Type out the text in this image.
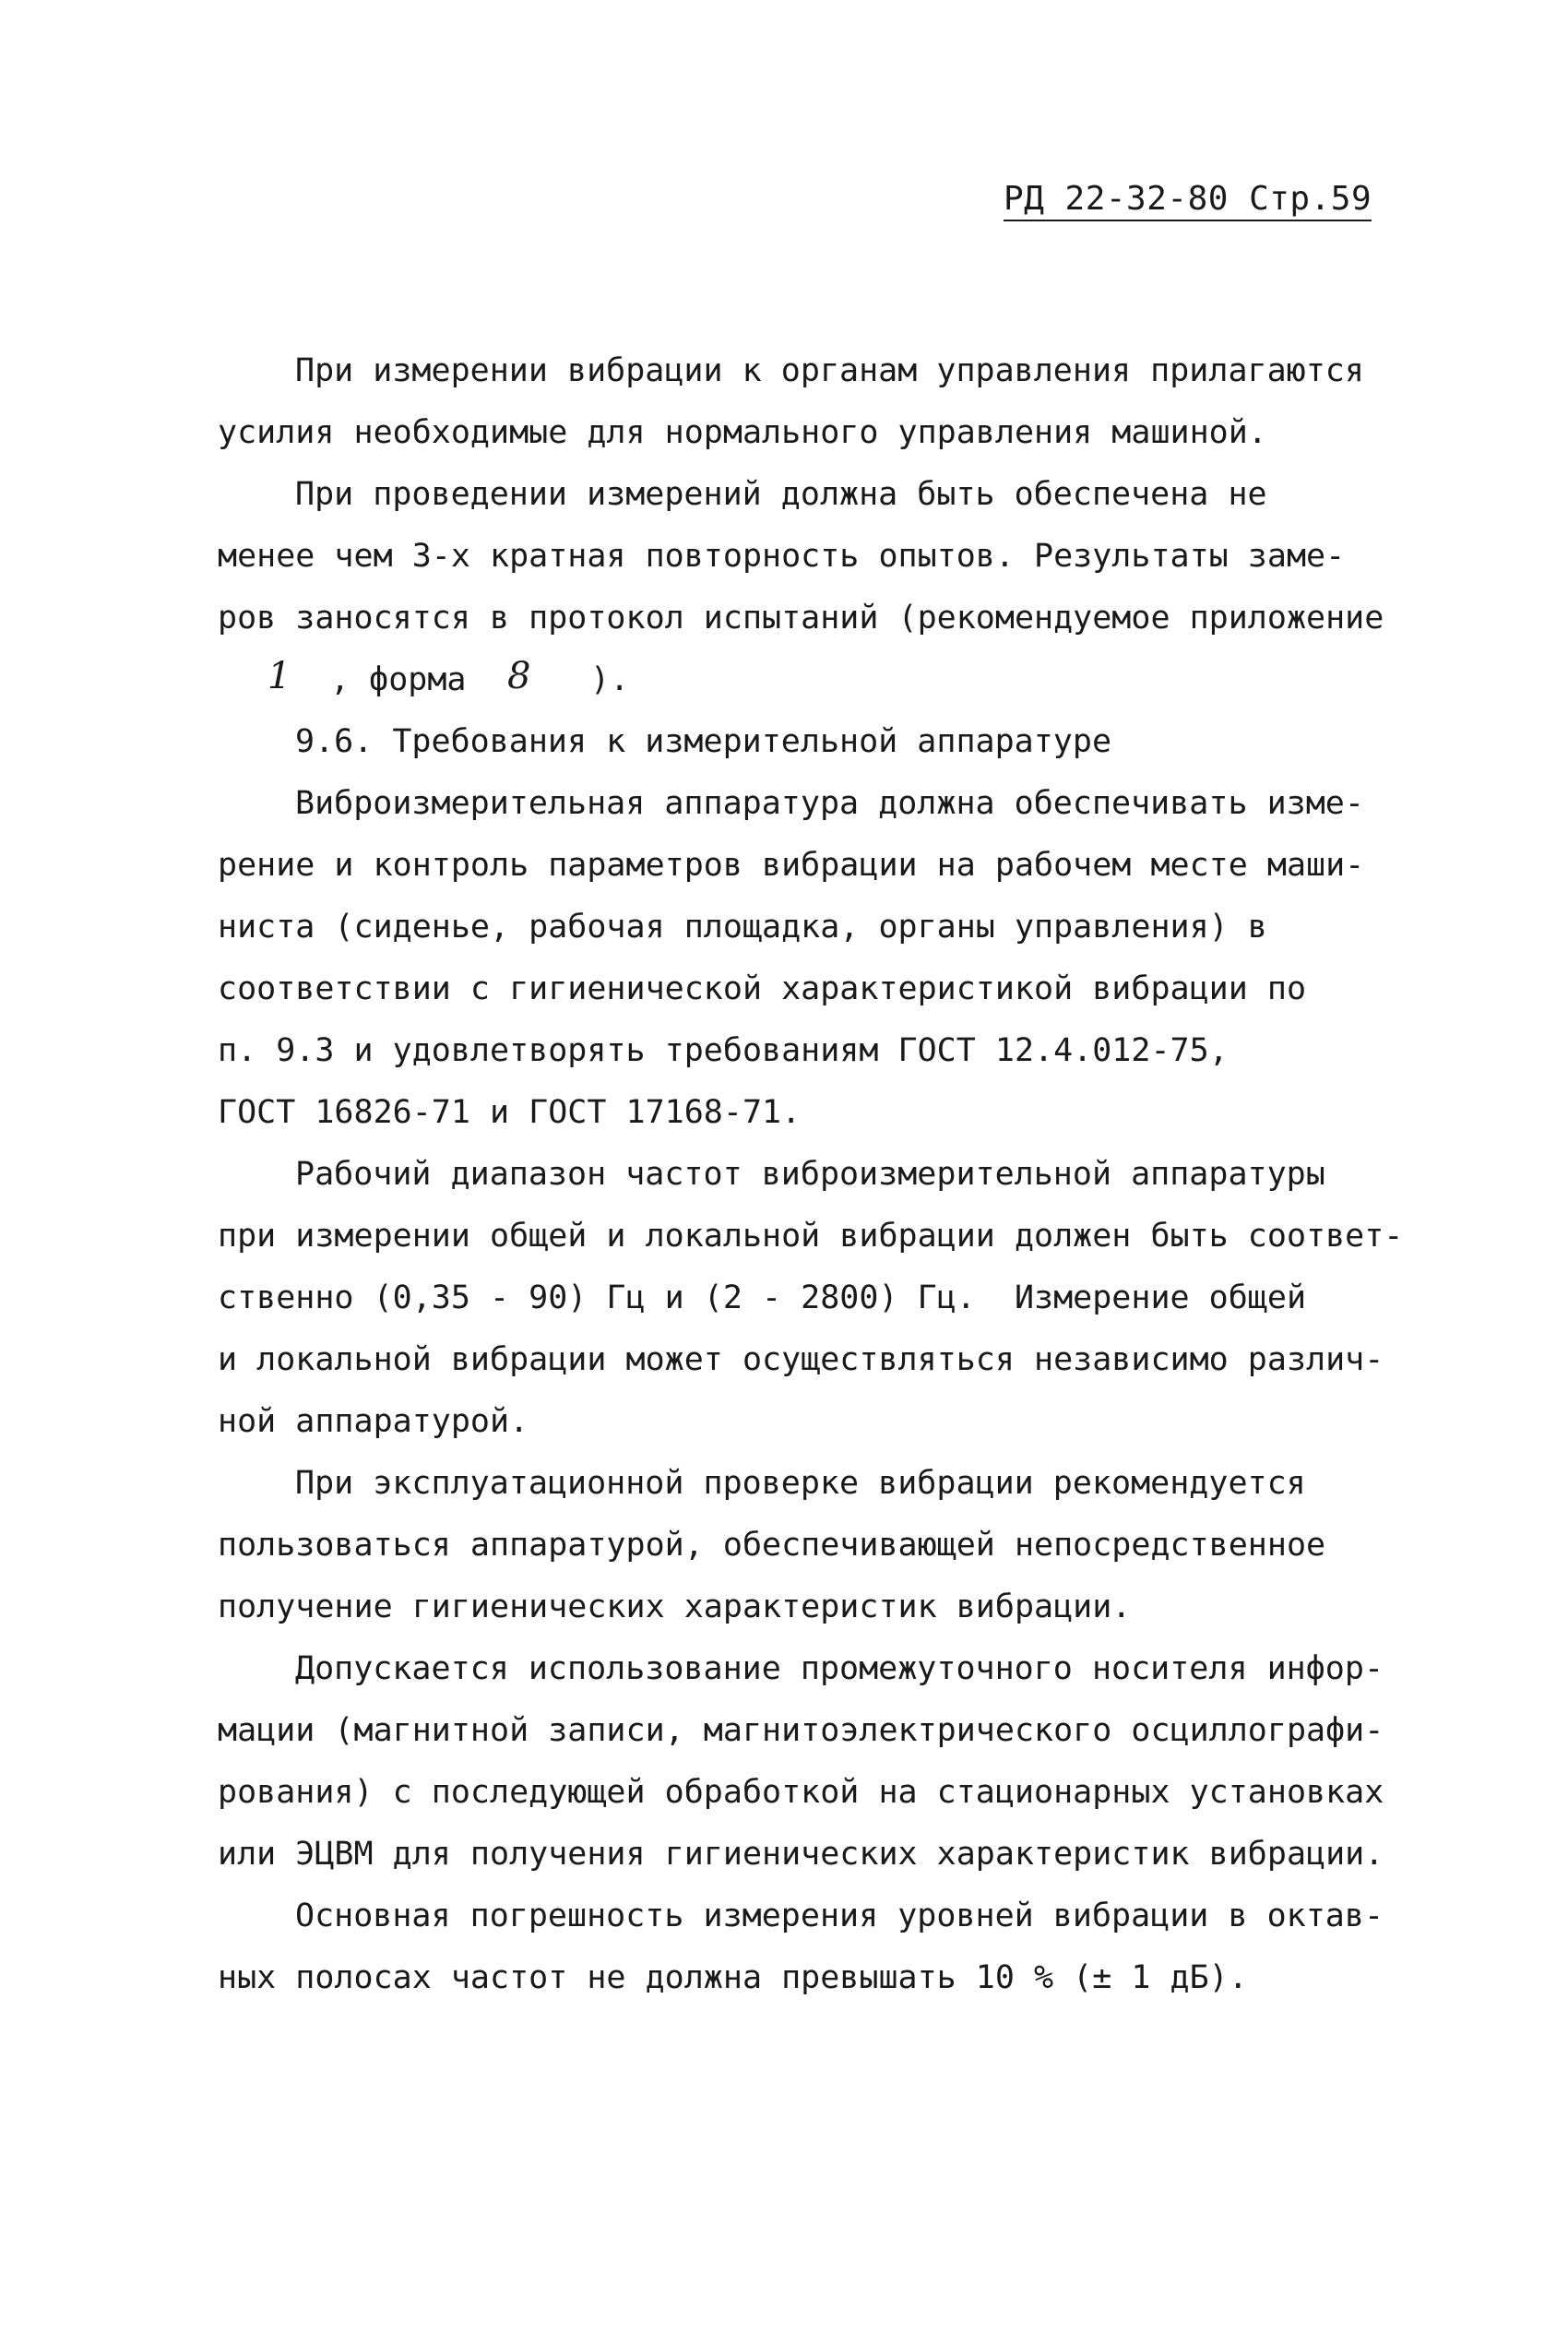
РД 22-32-80 Стр.59
При измерении вибрации к органам управления прилагаются
усилия необходимые для нормального управления машиной.
При проведении измерений должна быть обеспечена не
менее чем 3-х кратная повторность опытов. Результаты заме-
ров заносятся в протокол испытаний (рекомендуемое приложение
1 , форма 8 ).
9.6. Требования к измерительной аппаратуре
Виброизмерительная аппаратура должна обеспечивать изме-
рение и контроль параметров вибрации на рабочем месте маши-
ниста (сиденье, рабочая площадка, органы управления) в
соответствии с гигиенической характеристикой вибрации по
п. 9.3 и удовлетворять требованиям ГОСТ 12.4.012-75,
ГОСТ 16826-71 и ГОСТ 17168-71.
Рабочий диапазон частот виброизмерительной аппаратуры
при измерении общей и локальной вибрации должен быть соответ-
ственно (0,35 - 90) Гц и (2 - 2800) Гц.  Измерение общей
и локальной вибрации может осуществляться независимо различ-
ной аппаратурой.
При эксплуатационной проверке вибрации рекомендуется
пользоваться аппаратурой, обеспечивающей непосредственное
получение гигиенических характеристик вибрации.
Допускается использование промежуточного носителя инфор-
мации (магнитной записи, магнитоэлектрического осциллографи-
рования) с последующей обработкой на стационарных установках
или ЭЦВМ для получения гигиенических характеристик вибрации.
Основная погрешность измерения уровней вибрации в октав-
ных полосах частот не должна превышать 10 % (± 1 дБ).
